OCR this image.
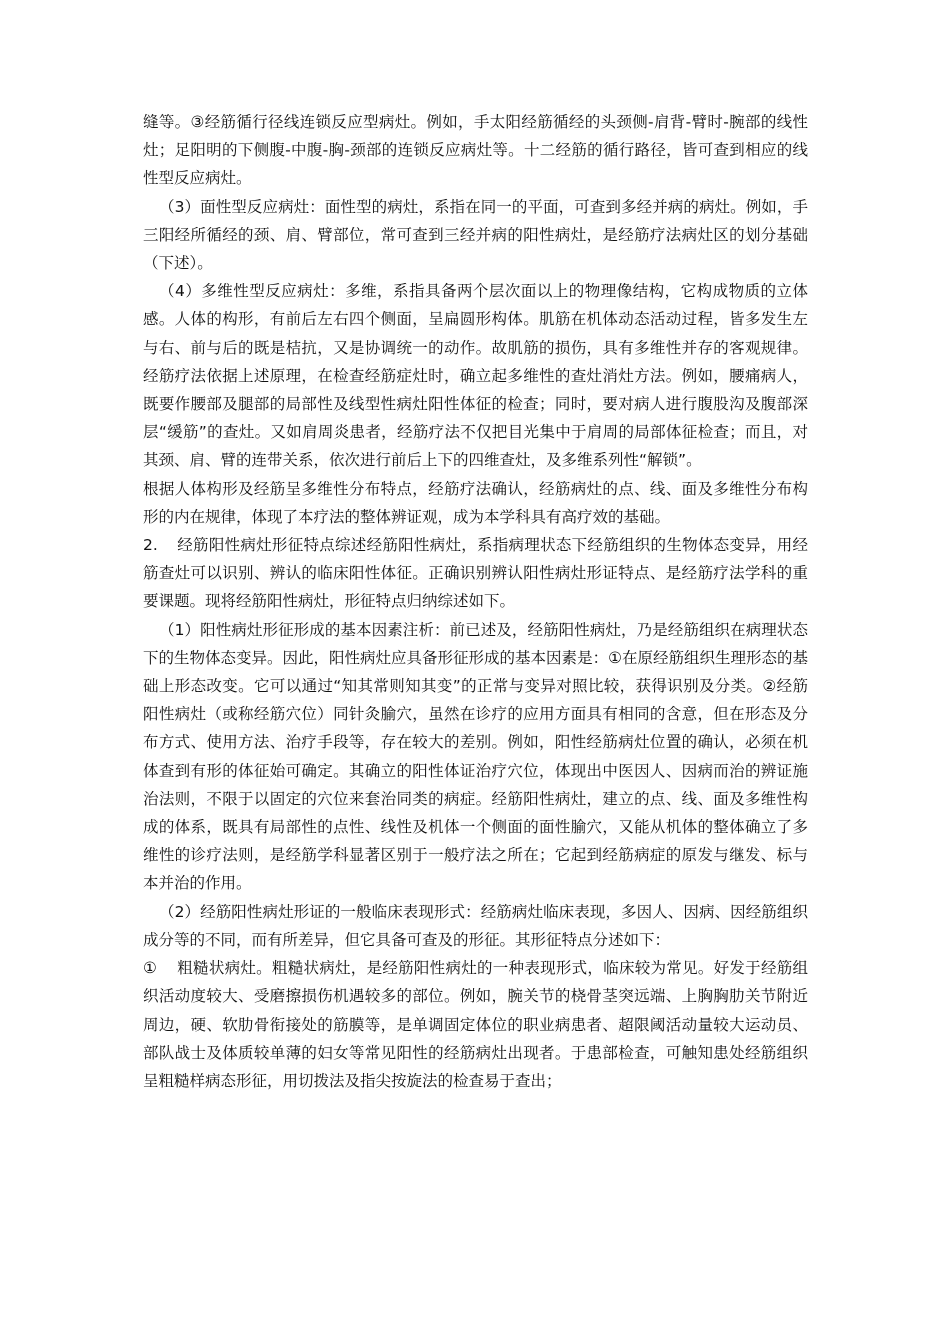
缝等。③经筋循行径线连锁反应型病灶。例如，手太阳经筋循经的头颈侧-肩背-臂时-腕部的线性灶；足阳明的下侧腹-中腹-胸-颈部的连锁反应病灶等。十二经筋的循行路径，皆可查到相应的线性型反应病灶。

（3）面性型反应病灶：面性型的病灶，系指在同一的平面，可查到多经并病的病灶。例如，手三阳经所循经的颈、肩、臂部位，常可查到三经并病的阳性病灶，是经筋疗法病灶区的划分基础（下述）。

（4）多维性型反应病灶：多维，系指具备两个层次面以上的物理像结构，它构成物质的立体感。人体的构形，有前后左右四个侧面，呈扁圆形构体。肌筋在机体动态活动过程，皆多发生左与右、前与后的既是桔抗，又是协调统一的动作。故肌筋的损伤，具有多维性并存的客观规律。经筋疗法依据上述原理，在检查经筋症灶时，确立起多维性的查灶消灶方法。例如，腰痛病人，既要作腰部及腿部的局部性及线型性病灶阳性体征的检查；同时，要对病人进行腹股沟及腹部深层“缓筋”的查灶。又如肩周炎患者，经筋疗法不仅把目光集中于肩周的局部体征检查；而且，对其颈、肩、臂的连带关系，依次进行前后上下的四维查灶，及多维系列性“解锁”。

根据人体构形及经筋呈多维性分布特点，经筋疗法确认，经筋病灶的点、线、面及多维性分布构形的内在规律，体现了本疗法的整体辨证观，成为本学科具有高疗效的基础。

2. 经筋阳性病灶形征特点综述经筋阳性病灶，系指病理状态下经筋组织的生物体态变异，用经筋查灶可以识别、辨认的临床阳性体征。正确识别辨认阳性病灶形证特点、是经筋疗法学科的重要课题。现将经筋阳性病灶，形征特点归纳综述如下。

（1）阳性病灶形征形成的基本因素注析：前已述及，经筋阳性病灶，乃是经筋组织在病理状态下的生物体态变异。因此，阳性病灶应具备形征形成的基本因素是：①在原经筋组织生理形态的基础上形态改变。它可以通过“知其常则知其变”的正常与变异对照比较，获得识别及分类。②经筋阳性病灶（或称经筋穴位）同针灸腧穴，虽然在诊疗的应用方面具有相同的含意，但在形态及分布方式、使用方法、治疗手段等，存在较大的差别。例如，阳性经筋病灶位置的确认，必须在机体查到有形的体征始可确定。其确立的阳性体证治疗穴位，体现出中医因人、因病而治的辨证施治法则，不限于以固定的穴位来套治同类的病症。经筋阳性病灶，建立的点、线、面及多维性构成的体系，既具有局部性的点性、线性及机体一个侧面的面性腧穴，又能从机体的整体确立了多维性的诊疗法则，是经筋学科显著区别于一般疗法之所在；它起到经筋病症的原发与继发、标与本并治的作用。

（2）经筋阳性病灶形证的一般临床表现形式：经筋病灶临床表现，多因人、因病、因经筋组织成分等的不同，而有所差异，但它具备可查及的形征。其形征特点分述如下：

① 粗糙状病灶。粗糙状病灶，是经筋阳性病灶的一种表现形式，临床较为常见。好发于经筋组织活动度较大、受磨擦损伤机遇较多的部位。例如，腕关节的桡骨茎突远端、上胸胸肋关节附近周边，硬、软肋骨衔接处的筋膜等，是单调固定体位的职业病患者、超限阈活动量较大运动员、部队战士及体质较单薄的妇女等常见阳性的经筋病灶出现者。于患部检查，可触知患处经筋组织呈粗糙样病态形征，用切拨法及指尖按旋法的检查易于查出；
